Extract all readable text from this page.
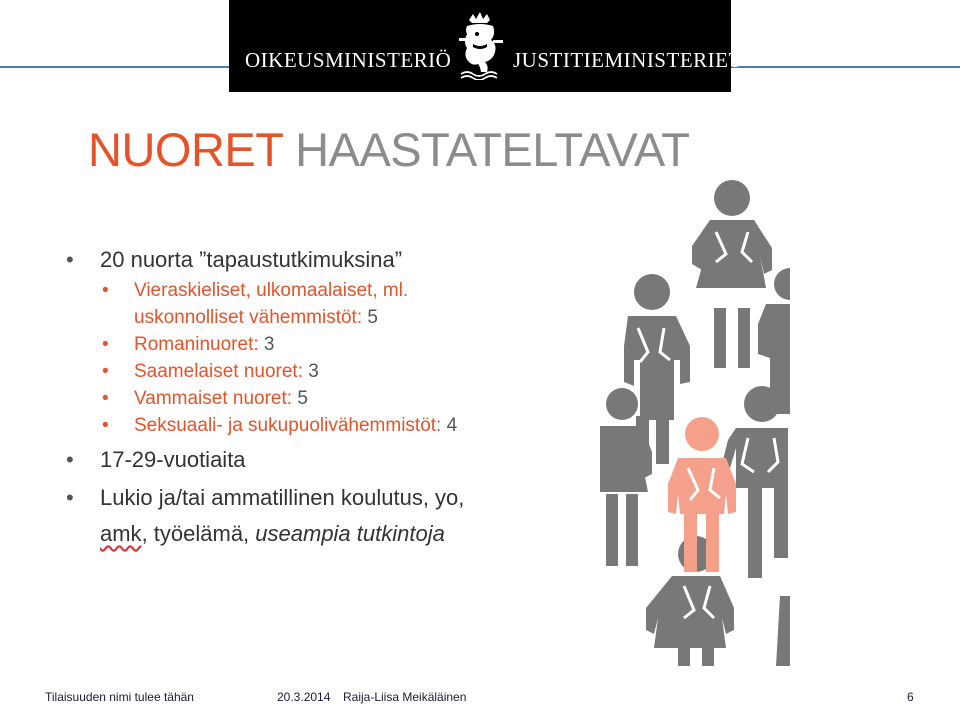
OIKEUSMINISTERIÖ	JUSTITIEMINISTERIET
NUORET HAASTATELTAVAT
• 20 nuorta ”tapaustutkimuksina”
• Vieraskieliset, ulkomaalaiset, ml.
uskonnolliset vähemmistöt: 5
• Romaninuoret: 3
• Saamelaiset nuoret: 3
• Vammaiset nuoret: 5
• Seksuaali- ja sukupuolivähemmistöt: 4
• 17-29-vuotiaita
• Lukio ja/tai ammatillinen koulutus, yo,
amk, työelämä, useampia tutkintoja
Tilaisuuden nimi tulee tähän	20.3.2014 Raija-Liisa Meikäläinen	6
